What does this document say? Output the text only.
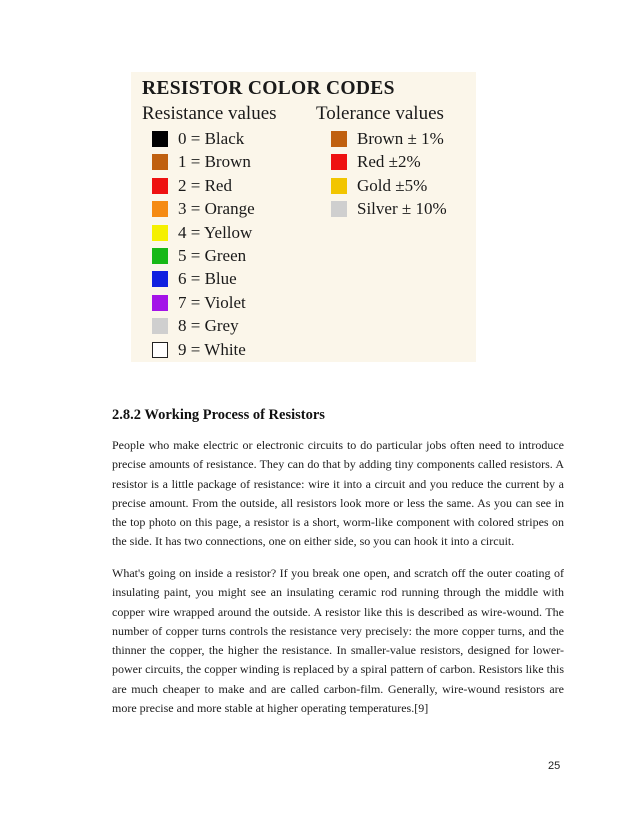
RESISTOR COLOR CODES
Resistance values Tolerance values
0 = Black
1 = Brown
2 = Red
3 = Orange
4 = Yellow
5 = Green
6 = Blue
7 = Violet
8 = Grey
9 = White
Brown ± 1%
Red ±2%
Gold ±5%
Silver ± 10%
2.8.2 Working Process of Resistors

People who make electric or electronic circuits to do particular jobs often need to introduce precise amounts of resistance. They can do that by adding tiny components called resistors. A resistor is a little package of resistance: wire it into a circuit and you reduce the current by a precise amount. From the outside, all resistors look more or less the same. As you can see in the top photo on this page, a resistor is a short, worm-like component with colored stripes on the side. It has two connections, one on either side, so you can hook it into a circuit.

What's going on inside a resistor? If you break one open, and scratch off the outer coating of insulating paint, you might see an insulating ceramic rod running through the middle with copper wire wrapped around the outside. A resistor like this is described as wire-wound. The number of copper turns controls the resistance very precisely: the more copper turns, and the thinner the copper, the higher the resistance. In smaller-value resistors, designed for lower-power circuits, the copper winding is replaced by a spiral pattern of carbon. Resistors like this are much cheaper to make and are called carbon-film. Generally, wire-wound resistors are more precise and more stable at higher operating temperatures.[9]

25
